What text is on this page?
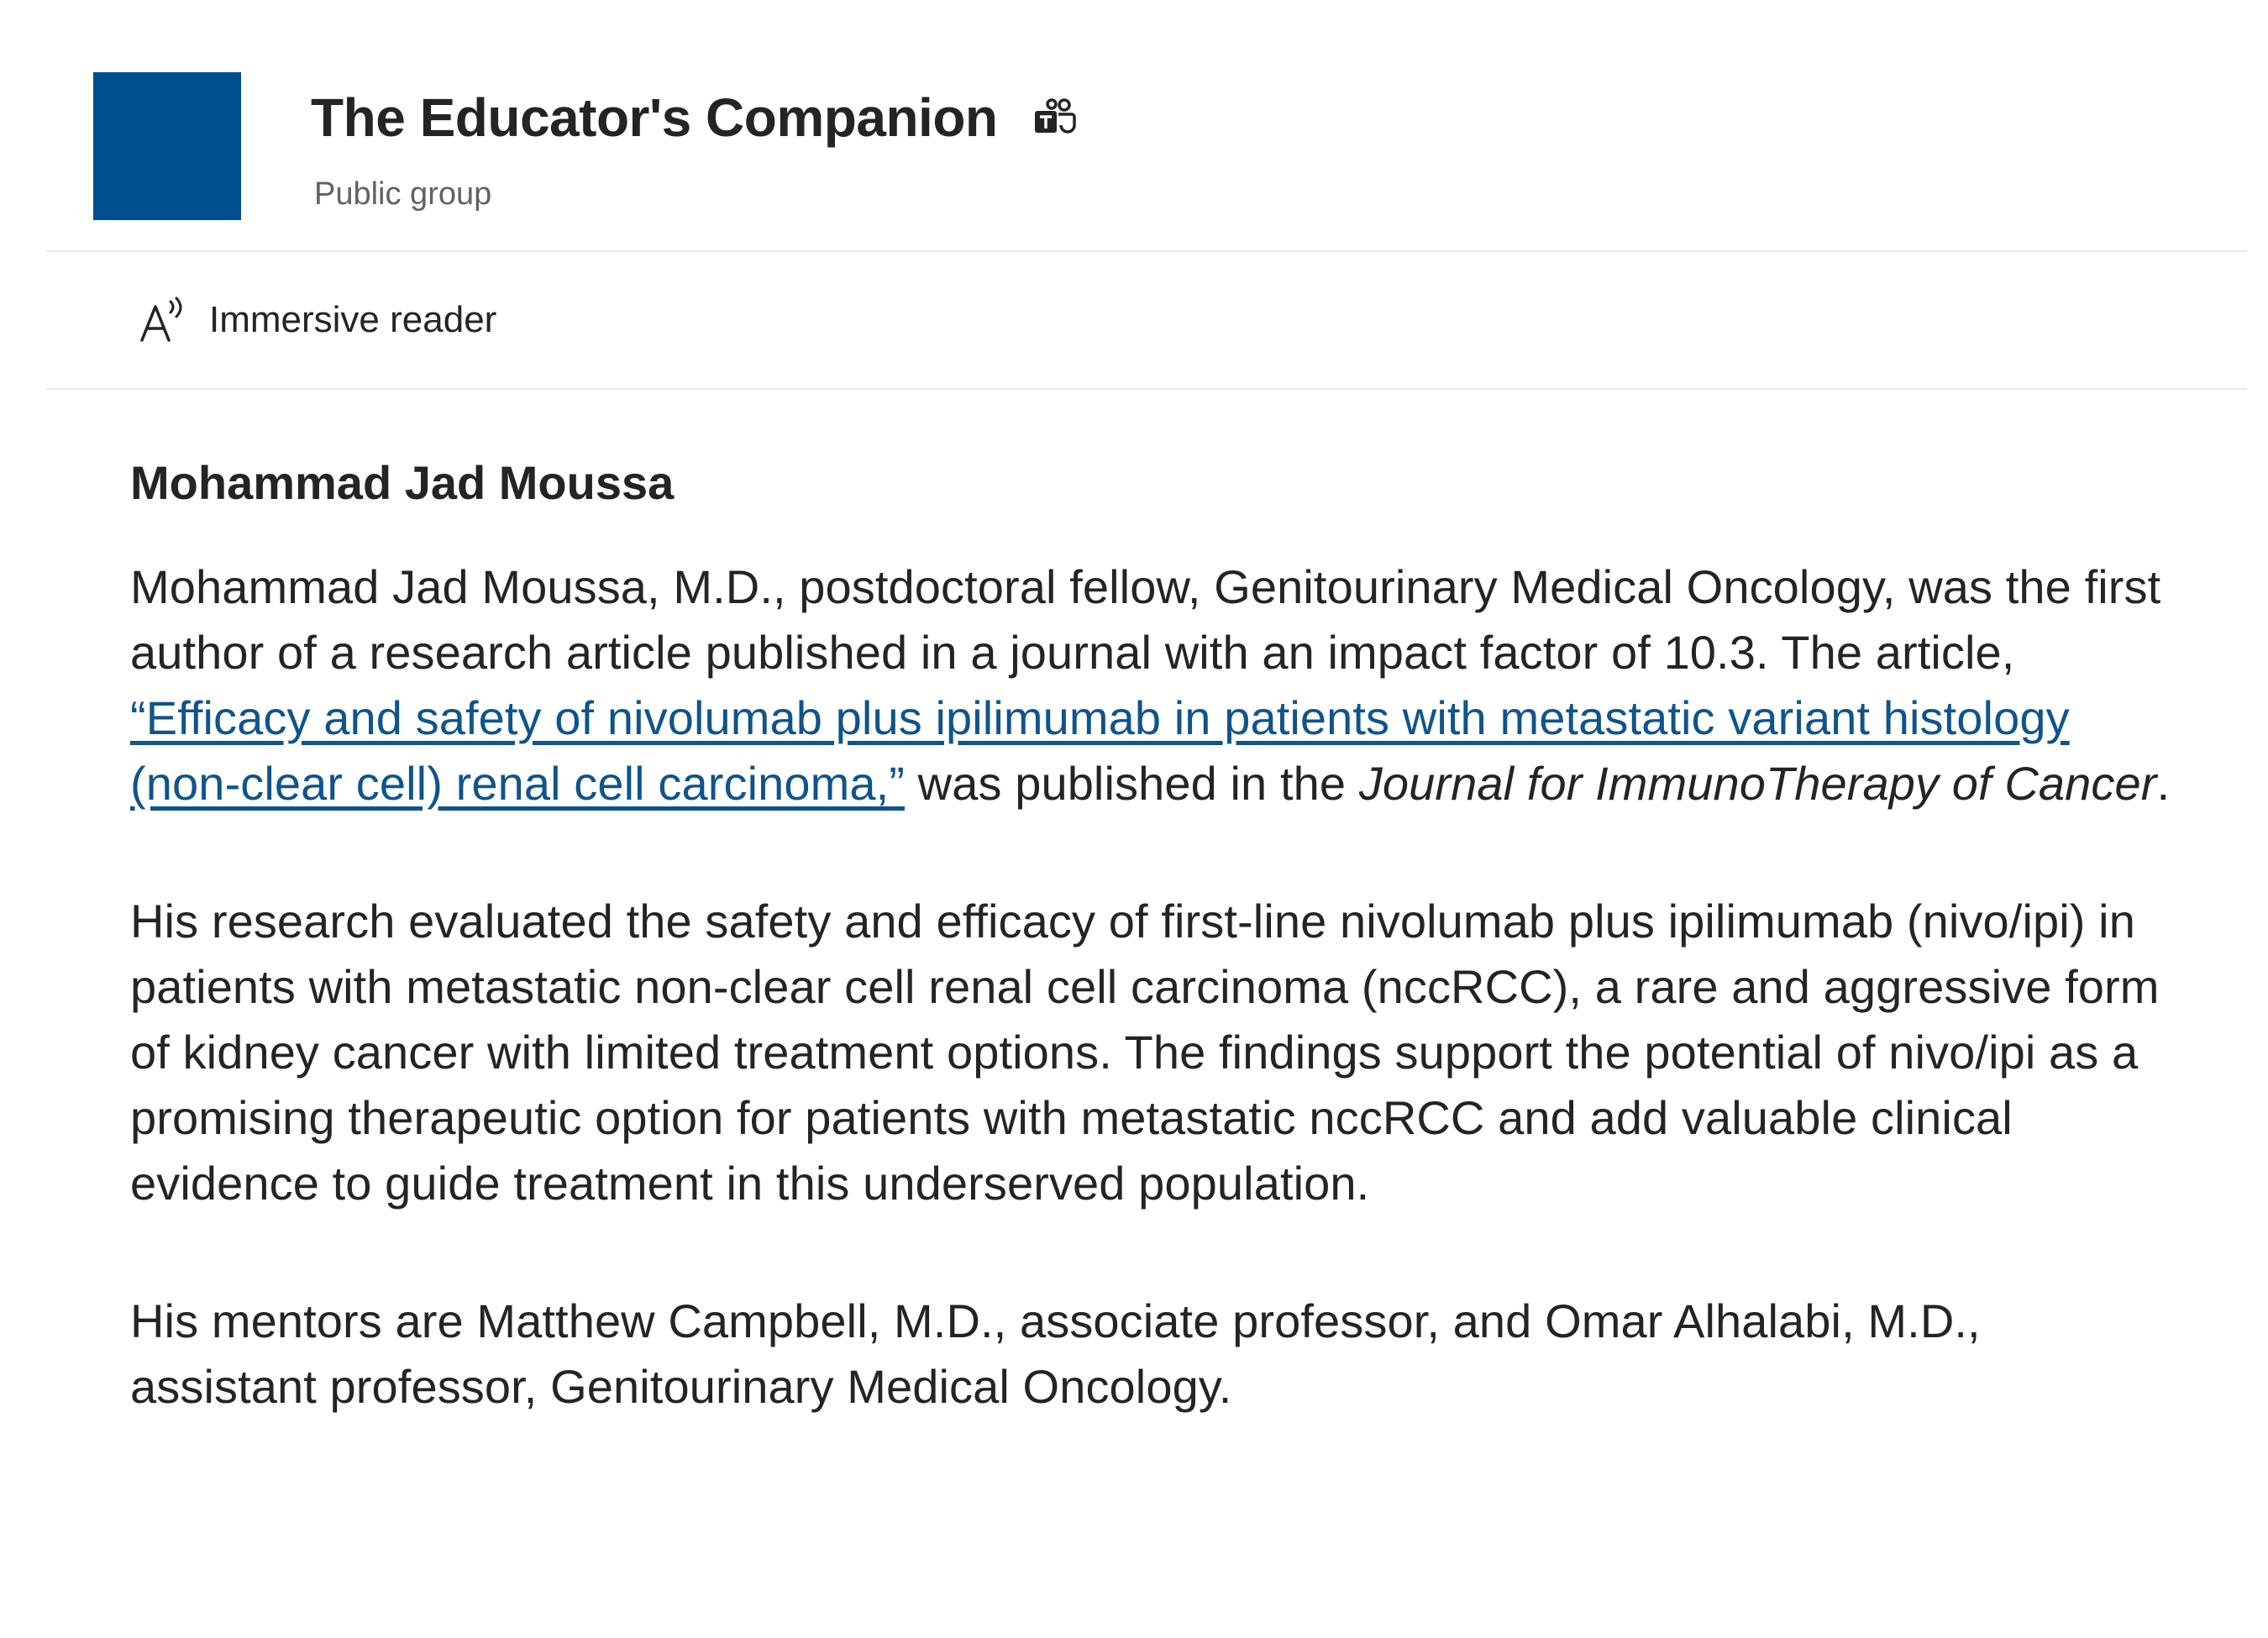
The Educator's Companion
Public group
Immersive reader
Mohammad Jad Moussa

Mohammad Jad Moussa, M.D., postdoctoral fellow, Genitourinary Medical Oncology, was the first author of a research article published in a journal with an impact factor of 10.3. The article, “Efficacy and safety of nivolumab plus ipilimumab in patients with metastatic variant histology (non-clear cell) renal cell carcinoma,” was published in the Journal for ImmunoTherapy of Cancer.

His research evaluated the safety and efficacy of first-line nivolumab plus ipilimumab (nivo/ipi) in patients with metastatic non-clear cell renal cell carcinoma (nccRCC), a rare and aggressive form of kidney cancer with limited treatment options. The findings support the potential of nivo/ipi as a promising therapeutic option for patients with metastatic nccRCC and add valuable clinical evidence to guide treatment in this underserved population.

His mentors are Matthew Campbell, M.D., associate professor, and Omar Alhalabi, M.D., assistant professor, Genitourinary Medical Oncology.
